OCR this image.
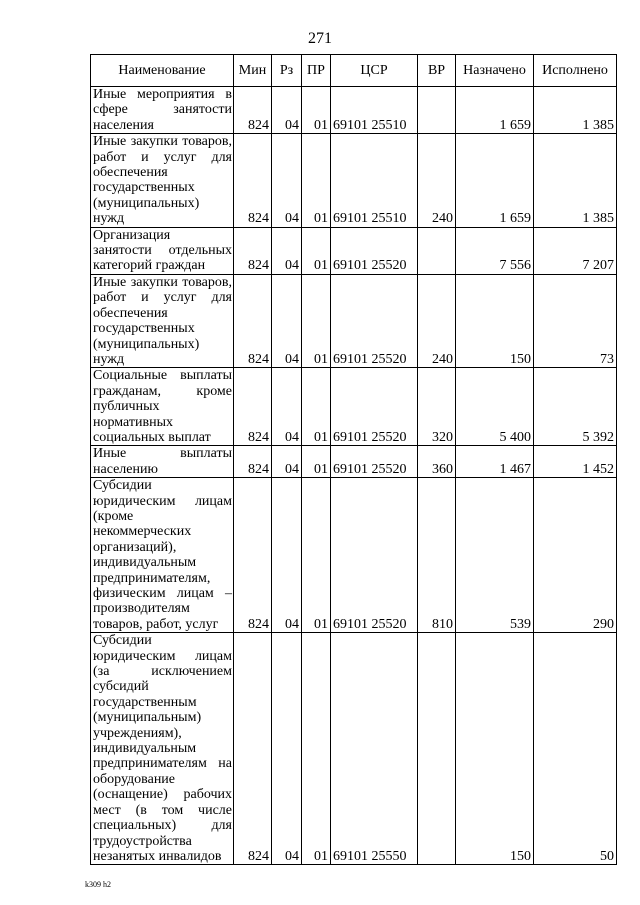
271
Наименование	Мин	Рз	ПР	ЦСР	ВР	Назначено	Исполнено
Иные мероприятия в сфере занятости населения	824	04	01	69101 25510		1 659	1 385
Иные закупки товаров, работ и услуг для обеспечения государственных (муниципальных) нужд	824	04	01	69101 25510	240	1 659	1 385
Организация занятости отдельных категорий граждан	824	04	01	69101 25520		7 556	7 207
Иные закупки товаров, работ и услуг для обеспечения государственных (муниципальных) нужд	824	04	01	69101 25520	240	150	73
Социальные выплаты гражданам, кроме публичных нормативных социальных выплат	824	04	01	69101 25520	320	5 400	5 392
Иные выплаты населению	824	04	01	69101 25520	360	1 467	1 452
Субсидии юридическим лицам (кроме некоммерческих организаций), индивидуальным предпринимателям, физическим лицам – производителям товаров, работ, услуг	824	04	01	69101 25520	810	539	290
Субсидии юридическим лицам (за исключением субсидий государственным (муниципальным) учреждениям), индивидуальным предпринимателям на оборудование (оснащение) рабочих мест (в том числе специальных) для трудоустройства незанятых инвалидов	824	04	01	69101 25550		150	50
k309 h2
